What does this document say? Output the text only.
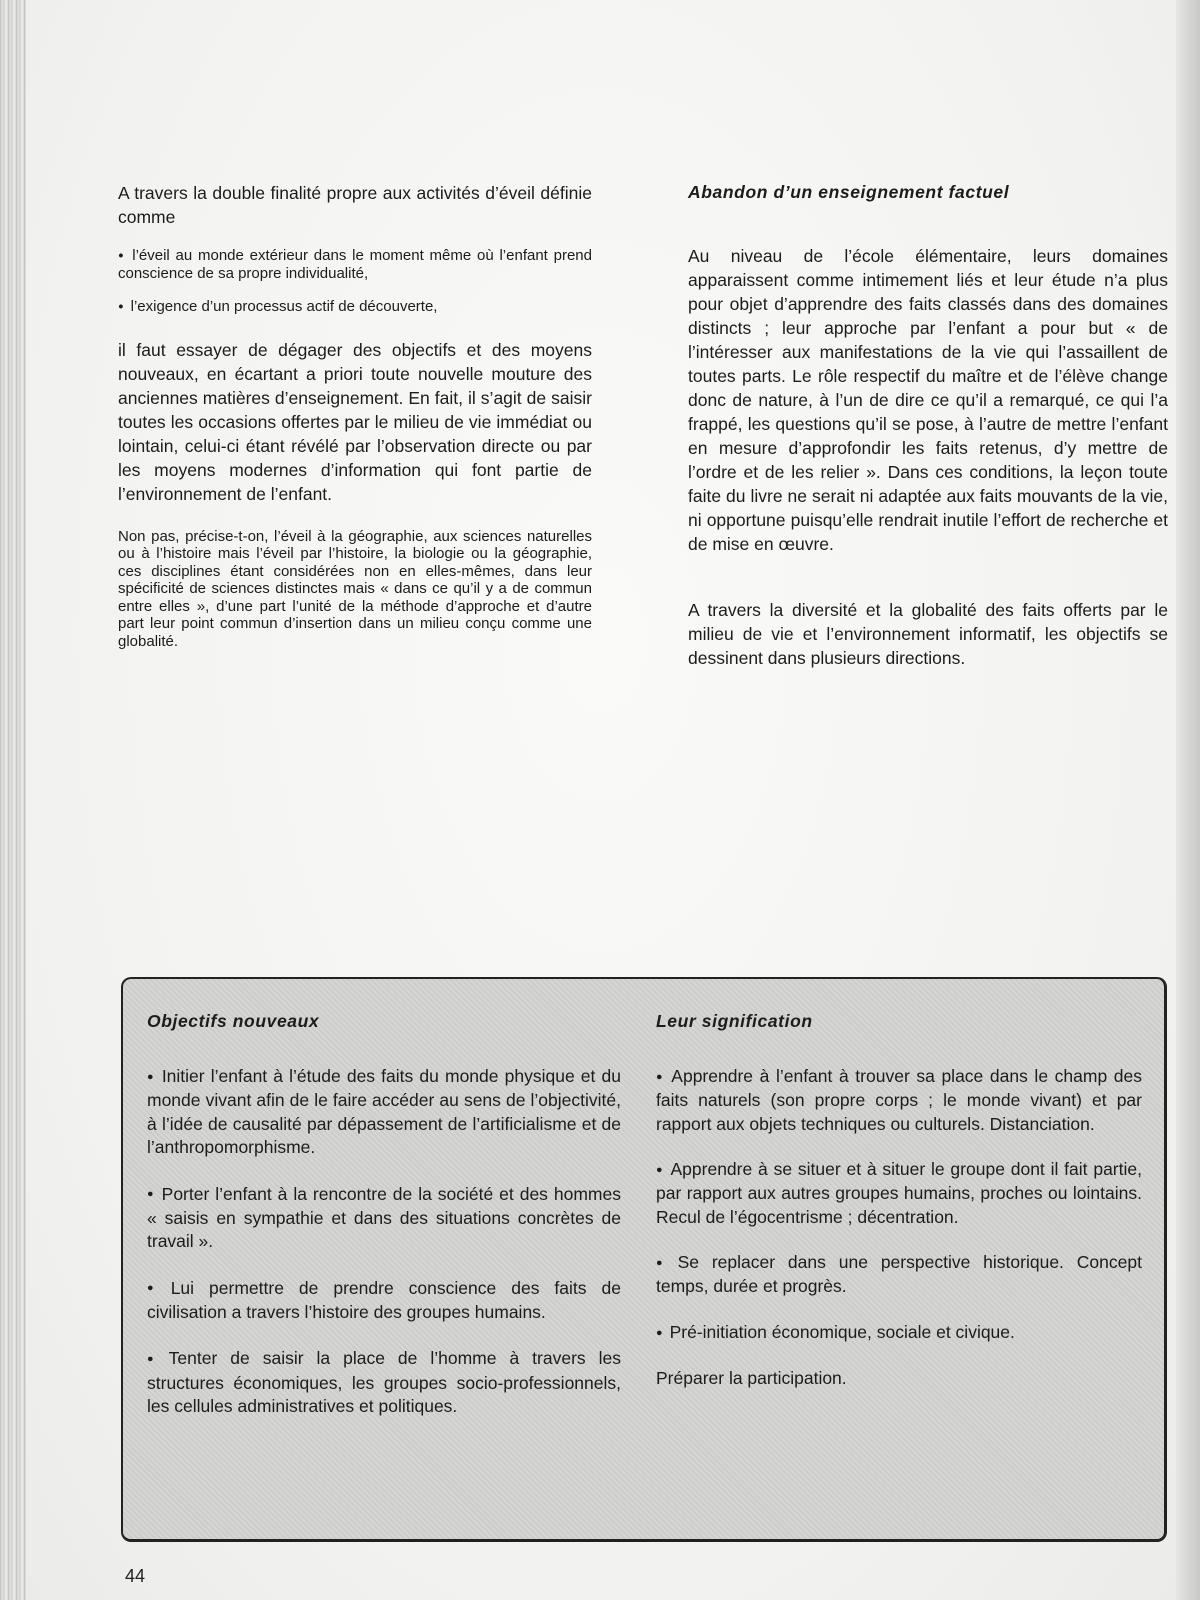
A travers la double finalité propre aux activités d’éveil définie comme

● l’éveil au monde extérieur dans le moment même où l’enfant prend conscience de sa propre individualité,

● l’exigence d’un processus actif de découverte,

il faut essayer de dégager des objectifs et des moyens nouveaux, en écartant a priori toute nouvelle mouture des anciennes matières d’enseignement. En fait, il s’agit de saisir toutes les occasions offertes par le milieu de vie immédiat ou lointain, celui-ci étant révélé par l’observation directe ou par les moyens modernes d’information qui font partie de l’environnement de l’enfant.

Non pas, précise-t-on, l’éveil à la géographie, aux sciences naturelles ou à l’histoire mais l’éveil par l’histoire, la biologie ou la géographie, ces disciplines étant considérées non en elles-mêmes, dans leur spécificité de sciences distinctes mais « dans ce qu’il y a de commun entre elles », d’une part l’unité de la méthode d’approche et d’autre part leur point commun d’insertion dans un milieu conçu comme une globalité.

Abandon d’un enseignement factuel

Au niveau de l’école élémentaire, leurs domaines apparaissent comme intimement liés et leur étude n’a plus pour objet d’apprendre des faits classés dans des domaines distincts ; leur approche par l’enfant a pour but « de l’intéresser aux manifestations de la vie qui l’assaillent de toutes parts. Le rôle respectif du maître et de l’élève change donc de nature, à l’un de dire ce qu’il a remarqué, ce qui l’a frappé, les questions qu’il se pose, à l’autre de mettre l’enfant en mesure d’approfondir les faits retenus, d’y mettre de l’ordre et de les relier ». Dans ces conditions, la leçon toute faite du livre ne serait ni adaptée aux faits mouvants de la vie, ni opportune puisqu’elle rendrait inutile l’effort de recherche et de mise en œuvre.

A travers la diversité et la globalité des faits offerts par le milieu de vie et l’environnement informatif, les objectifs se dessinent dans plusieurs directions.

Objectifs nouveaux

● Initier l’enfant à l’étude des faits du monde physique et du monde vivant afin de le faire accéder au sens de l’objectivité, à l’idée de causalité par dépassement de l’artificialisme et de l’anthropomorphisme.

● Porter l’enfant à la rencontre de la société et des hommes « saisis en sympathie et dans des situations concrètes de travail ».

● Lui permettre de prendre conscience des faits de civilisation a travers l’histoire des groupes humains.

● Tenter de saisir la place de l’homme à travers les structures économiques, les groupes socio-professionnels, les cellules administratives et politiques.

Leur signification

● Apprendre à l’enfant à trouver sa place dans le champ des faits naturels (son propre corps ; le monde vivant) et par rapport aux objets techniques ou culturels. Distanciation.

● Apprendre à se situer et à situer le groupe dont il fait partie, par rapport aux autres groupes humains, proches ou lointains. Recul de l’égocentrisme ; décentration.

● Se replacer dans une perspective historique. Concept temps, durée et progrès.

● Pré-initiation économique, sociale et civique.

Préparer la participation.

44
